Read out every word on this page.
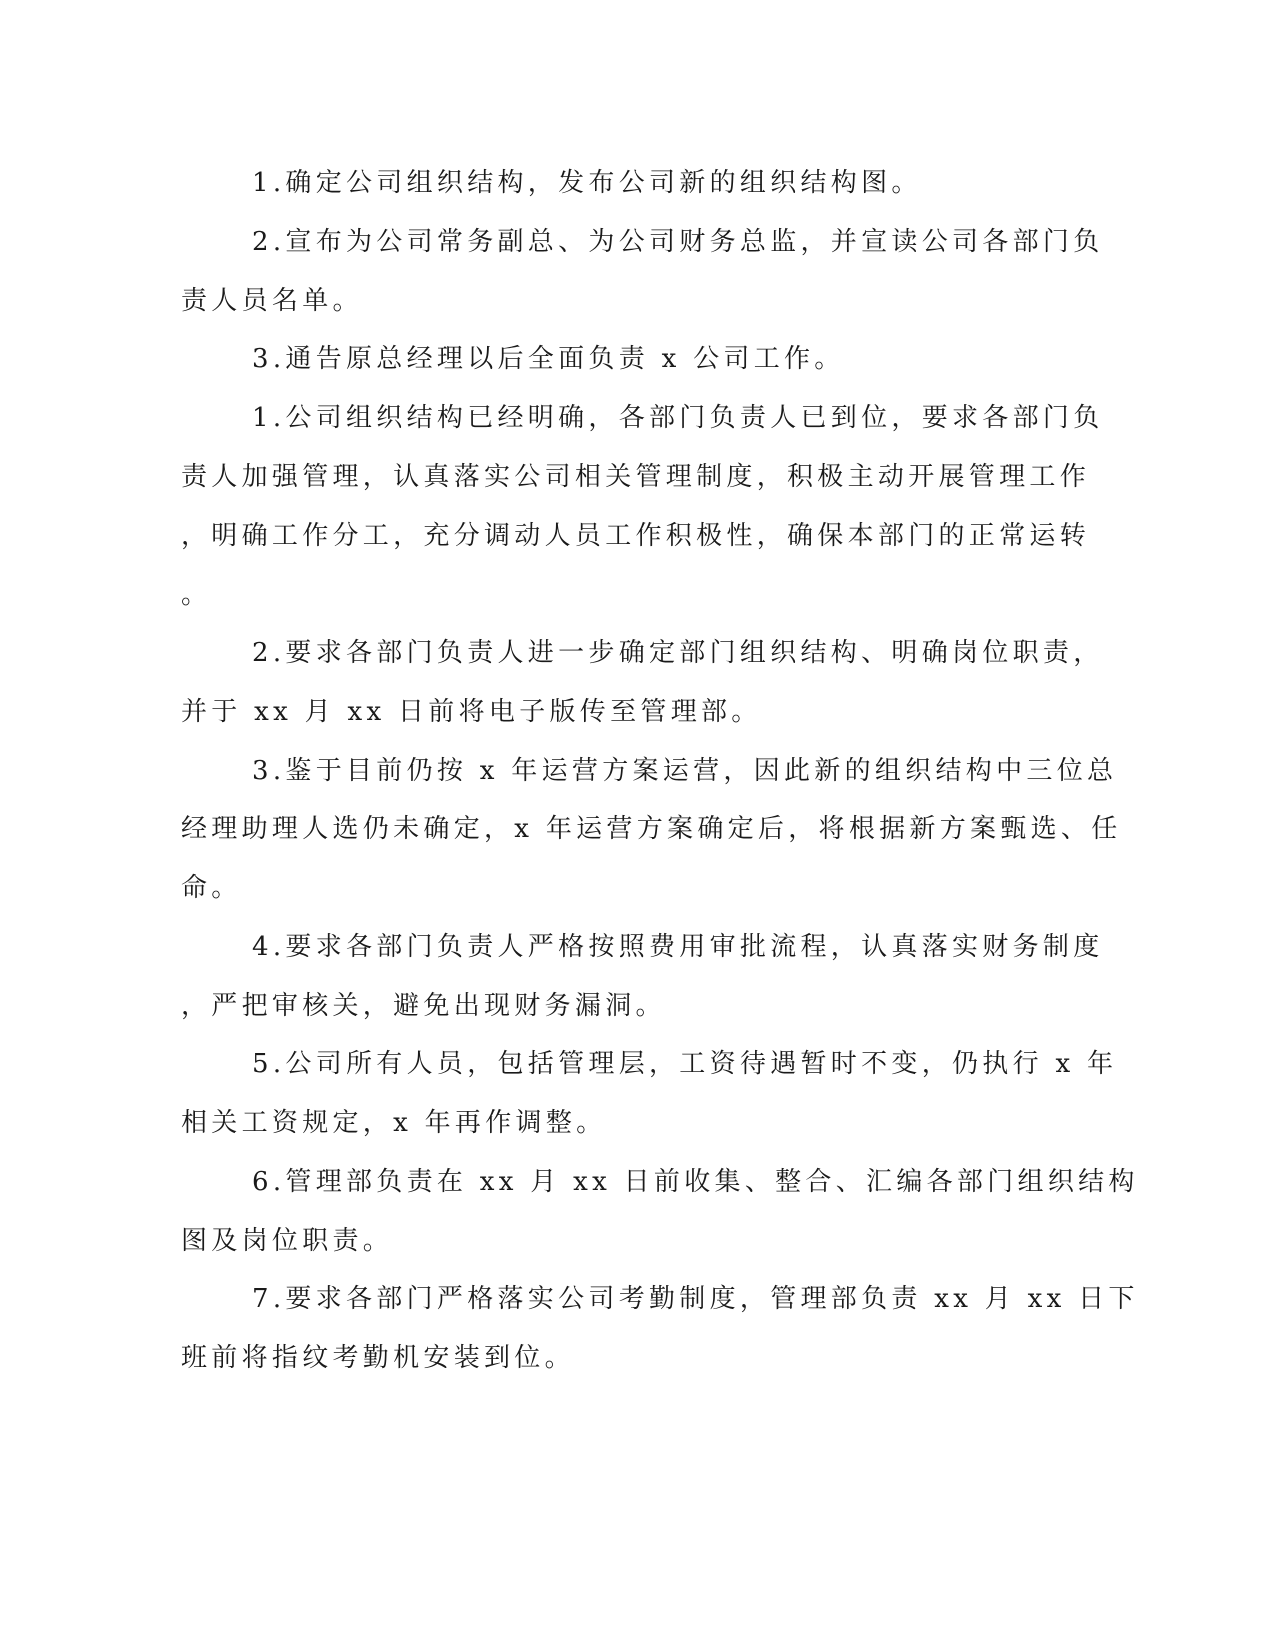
1.确定公司组织结构，发布公司新的组织结构图。
2.宣布为公司常务副总、为公司财务总监，并宣读公司各部门负
责人员名单。
3.通告原总经理以后全面负责 x 公司工作。
1.公司组织结构已经明确，各部门负责人已到位，要求各部门负
责人加强管理，认真落实公司相关管理制度，积极主动开展管理工作
，明确工作分工，充分调动人员工作积极性，确保本部门的正常运转
。
2.要求各部门负责人进一步确定部门组织结构、明确岗位职责，
并于 xx 月 xx 日前将电子版传至管理部。
3.鉴于目前仍按 x 年运营方案运营，因此新的组织结构中三位总
经理助理人选仍未确定，x 年运营方案确定后，将根据新方案甄选、任
命。
4.要求各部门负责人严格按照费用审批流程，认真落实财务制度
，严把审核关，避免出现财务漏洞。
5.公司所有人员，包括管理层，工资待遇暂时不变，仍执行 x 年
相关工资规定，x 年再作调整。
6.管理部负责在 xx 月 xx 日前收集、整合、汇编各部门组织结构
图及岗位职责。
7.要求各部门严格落实公司考勤制度，管理部负责 xx 月 xx 日下
班前将指纹考勤机安装到位。
